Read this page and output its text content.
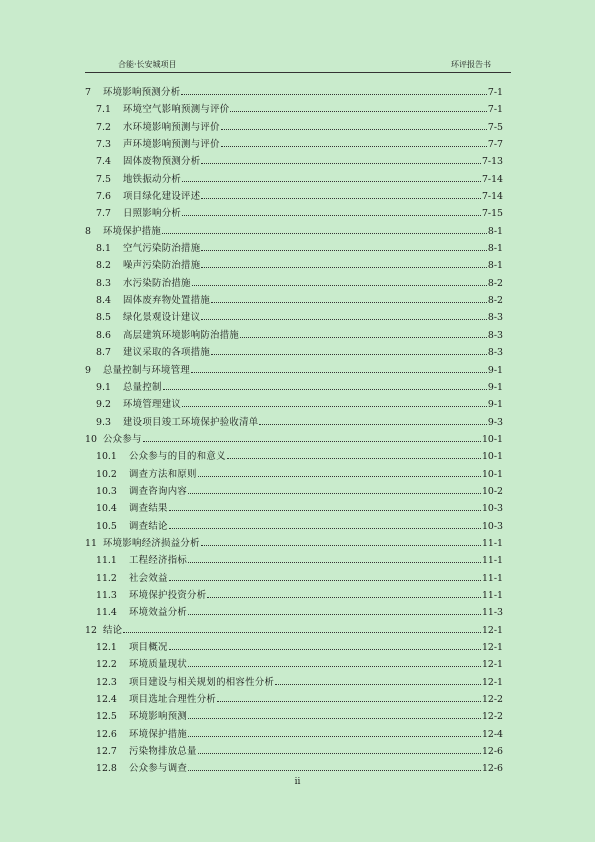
合能·长安城项目	环评报告书
7	环境影响预测分析	7-1
7.1	环境空气影响预测与评价	7-1
7.2	水环境影响预测与评价	7-5
7.3	声环境影响预测与评价	7-7
7.4	固体废物预测分析	7-13
7.5	地铁振动分析	7-14
7.6	项目绿化建设评述	7-14
7.7	日照影响分析	7-15
8	环境保护措施	8-1
8.1	空气污染防治措施	8-1
8.2	噪声污染防治措施	8-1
8.3	水污染防治措施	8-2
8.4	固体废弃物处置措施	8-2
8.5	绿化景观设计建议	8-3
8.6	高层建筑环境影响防治措施	8-3
8.7	建议采取的各项措施	8-3
9	总量控制与环境管理	9-1
9.1	总量控制	9-1
9.2	环境管理建议	9-1
9.3	建设项目竣工环境保护验收清单	9-3
10 公众参与	10-1
10.1	公众参与的目的和意义	10-1
10.2	调查方法和原则	10-1
10.3	调查咨询内容	10-2
10.4	调查结果	10-3
10.5	调查结论	10-3
11 环境影响经济损益分析	11-1
11.1	工程经济指标	11-1
11.2	社会效益	11-1
11.3	环境保护投资分析	11-1
11.4	环境效益分析	11-3
12 结论	12-1
12.1	项目概况	12-1
12.2	环境质量现状	12-1
12.3	项目建设与相关规划的相容性分析	12-1
12.4	项目选址合理性分析	12-2
12.5	环境影响预测	12-2
12.6	环境保护措施	12-4
12.7	污染物排放总量	12-6
12.8	公众参与调查	12-6
ii
